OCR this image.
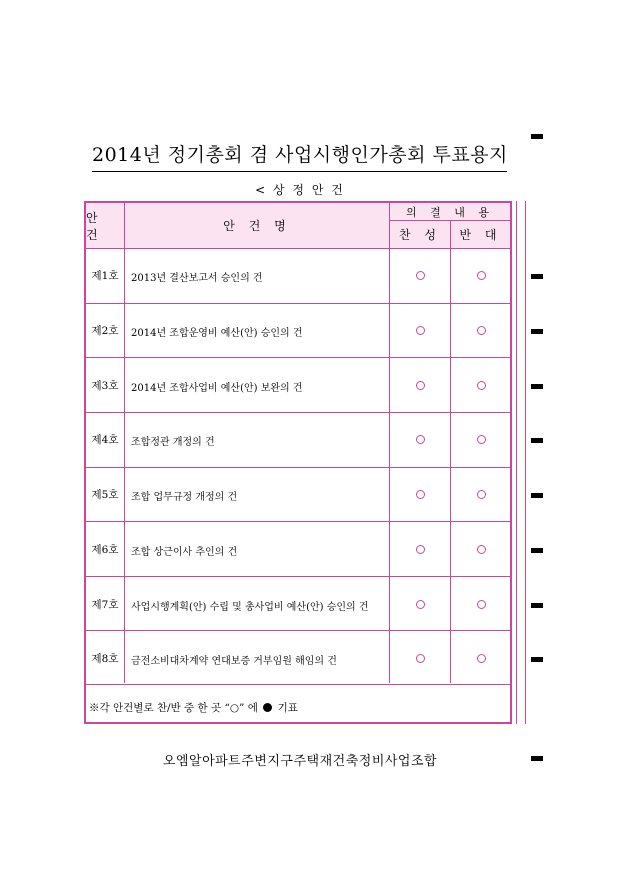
2014년 정기총회 겸 사업시행인가총회 투표용지
< 상 정 안 건
안 건
안 건 명
의 결 내 용
찬 성	반 대
제1호	2013년 결산보고서 승인의 건
제2호	2014년 조합운영비 예산(안) 승인의 건
제3호	2014년 조합사업비 예산(안) 보완의 건
제4호	조합정관 개정의 건
제5호	조합 업무규정 개정의 건
제6호	조합 상근이사 추인의 건
제7호	사업시행계획(안) 수립 및 총사업비 예산(안) 승인의 건
제8호	금전소비대차계약 연대보증 거부임원 해임의 건
※각 안건별로 찬/반 중 한 곳 “○” 에 기표
오엠알아파트주변지구주택재건축정비사업조합
